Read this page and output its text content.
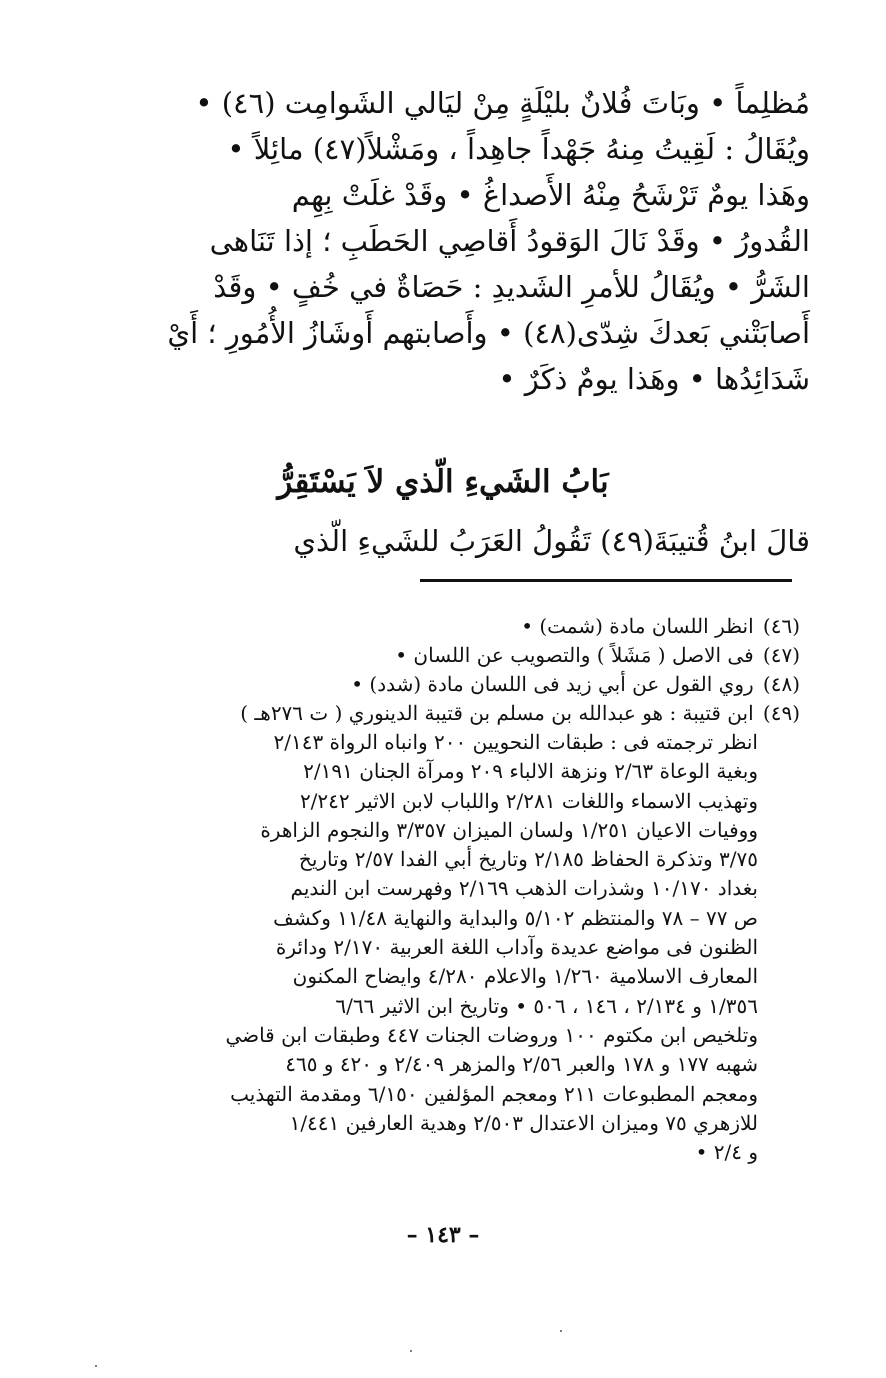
مُظلِماً • وبَاتَ فُلانٌ بليْلَةٍ مِنْ ليَالي الشَوامِت (٤٦) •
ويُقَالُ : لَقِيتُ مِنهُ جَهْداً جاهِداً ، ومَشْلاً(٤٧) مائِلاً •
وهَذا يومٌ تَرْشَحُ مِنْهُ الأَصداغُ • وقَدْ غلَتْ بِهِم
القُدورُ • وقَدْ نَالَ الوَقودُ أَقاصِي الحَطَبِ ؛ إذا تَنَاهى
الشَرُّ • ويُقَالُ للأمرِ الشَديدِ : حَصَاةٌ في خُفٍ • وقَدْ
أَصابَتْني بَعدكَ شِدّى(٤٨) • وأَصابتهم أَوشَازُ الأُمُورِ ؛ أَيْ
شَدَائِدُها • وهَذا يومٌ ذكَرٌ •
بَابُ الشَيءِ الّذي لاَ يَسْتَقِرُّ
قالَ ابنُ قُتيبَةَ(٤٩) تَقُولُ العَرَبُ للشَيءِ الّذي
(٤٦) انظر اللسان مادة (شمت) •
(٤٧) فى الاصل ( مَشَلاً ) والتصويب عن اللسان •
(٤٨) روي القول عن أبي زيد فى اللسان مادة (شدد) •
(٤٩) ابن قتيبة : هو عبدالله بن مسلم بن قتيبة الدينوري ( ت ٢٧٦هـ )
انظر ترجمته فى : طبقات النحويين ٢٠٠ وانباه الرواة ٢/١٤٣
وبغية الوعاة ٢/٦٣ ونزهة الالباء ٢٠٩ ومرآة الجنان ٢/١٩١
وتهذيب الاسماء واللغات ٢/٢٨١ واللباب لابن الاثير ٢/٢٤٢
ووفيات الاعيان ١/٢٥١ ولسان الميزان ٣/٣٥٧ والنجوم الزاهرة
٣/٧٥ وتذكرة الحفاظ ٢/١٨٥ وتاريخ أبي الفدا ٢/٥٧ وتاريخ
بغداد ١٠/١٧٠ وشذرات الذهب ٢/١٦٩ وفهرست ابن النديم
ص ٧٧ – ٧٨ والمنتظم ٥/١٠٢ والبداية والنهاية ١١/٤٨ وكشف
الظنون فى مواضع عديدة وآداب اللغة العربية ٢/١٧٠ ودائرة
المعارف الاسلامية ١/٢٦٠ والاعلام ٤/٢٨٠ وايضاح المكنون
١/٣٥٦ و ٢/١٣٤ ، ١٤٦ ، ٥٠٦ • وتاريخ ابن الاثير ٦/٦٦
وتلخيص ابن مكتوم ١٠٠ وروضات الجنات ٤٤٧ وطبقات ابن قاضي
شهبه ١٧٧ و ١٧٨ والعبر ٢/٥٦ والمزهر ٢/٤٠٩ و ٤٢٠ و ٤٦٥
ومعجم المطبوعات ٢١١ ومعجم المؤلفين ٦/١٥٠ ومقدمة التهذيب
للازهري ٧٥ وميزان الاعتدال ٢/٥٠٣ وهدية العارفين ١/٤٤١
و ٢/٤ •
– ١٤٣ –
